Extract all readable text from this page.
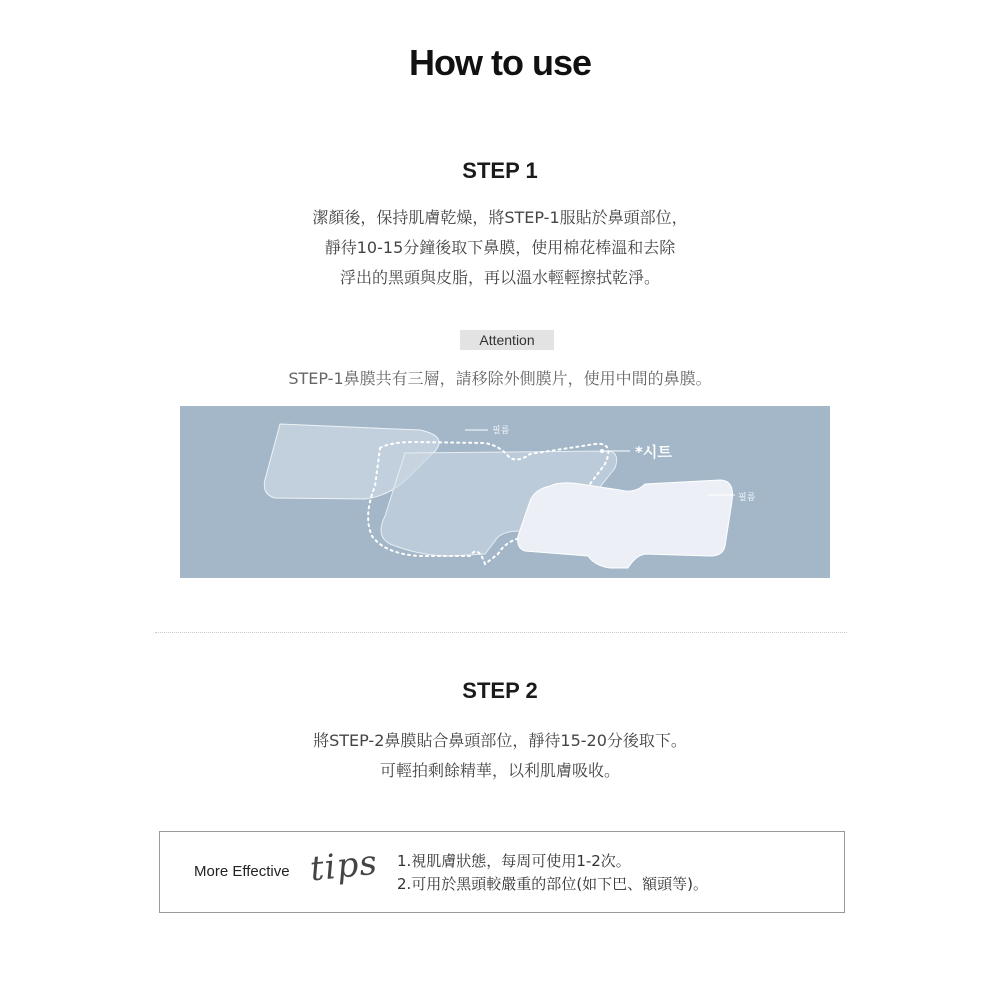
How to use
STEP 1
潔顏後，保持肌膚乾燥，將STEP-1服貼於鼻頭部位，
靜待10-15分鐘後取下鼻膜，使用棉花棒溫和去除
浮出的黑頭與皮脂，再以溫水輕輕擦拭乾淨。
Attention
STEP-1鼻膜共有三層，請移除外側膜片，使用中間的鼻膜。
필름
*시트
필름
STEP 2
將STEP-2鼻膜貼合鼻頭部位，靜待15-20分後取下。
可輕拍剩餘精華，以利肌膚吸收。
More Effective tips 1.視肌膚狀態，每周可使用1-2次。
2.可用於黑頭較嚴重的部位(如下巴、額頭等)。
